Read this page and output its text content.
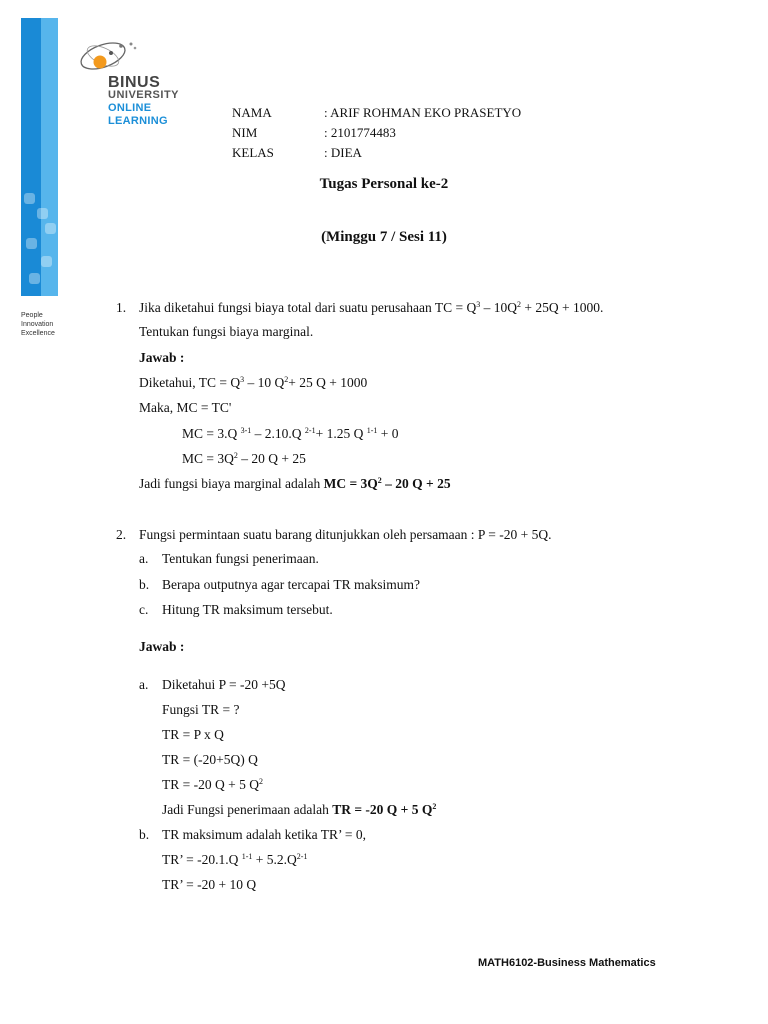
People
Innovation
Excellence
BINUS
UNIVERSITY
ONLINE
LEARNING
NAMA	: ARIF ROHMAN EKO PRASETYO
NIM	: 2101774483
KELAS	: DIEA
Tugas Personal ke-2
(Minggu 7 / Sesi 11)
1. Jika diketahui fungsi biaya total dari suatu perusahaan TC = $Q^3 - 10Q^2 + 25Q + 1000$.
Tentukan fungsi biaya marginal.
Jawab :
Diketahui, TC = $Q^3 - 10$ $Q^2+ 25$ Q + 1000
Maka, MC = TC'
MC = 3.Q $^{3-1}$ – 2.10.Q $^{2-1}$+ 1.25 Q $^{1-1}$ + 0
MC = $3Q^2 - 20$ Q + 25
Jadi fungsi biaya marginal adalah MC = $3Q^2 - 20$ Q + 25
2. Fungsi permintaan suatu barang ditunjukkan oleh persamaan : P = -20 + 5Q.
a. Tentukan fungsi penerimaan.
b. Berapa outputnya agar tercapai TR maksimum?
c. Hitung TR maksimum tersebut.
Jawab :
a. Diketahui P = -20 +5Q
Fungsi TR = ?
TR = P x Q
TR = (-20+5Q) Q
TR = -20 Q + 5 $Q^2$
Jadi Fungsi penerimaan adalah TR = -20 Q + 5 $Q^2$
b. TR maksimum adalah ketika TR’ = 0,
TR’ = -20.1.Q $^{1-1} + 5.2.Q^{2-1}$
TR’ = -20 + 10 Q
MATH6102-Business Mathematics
